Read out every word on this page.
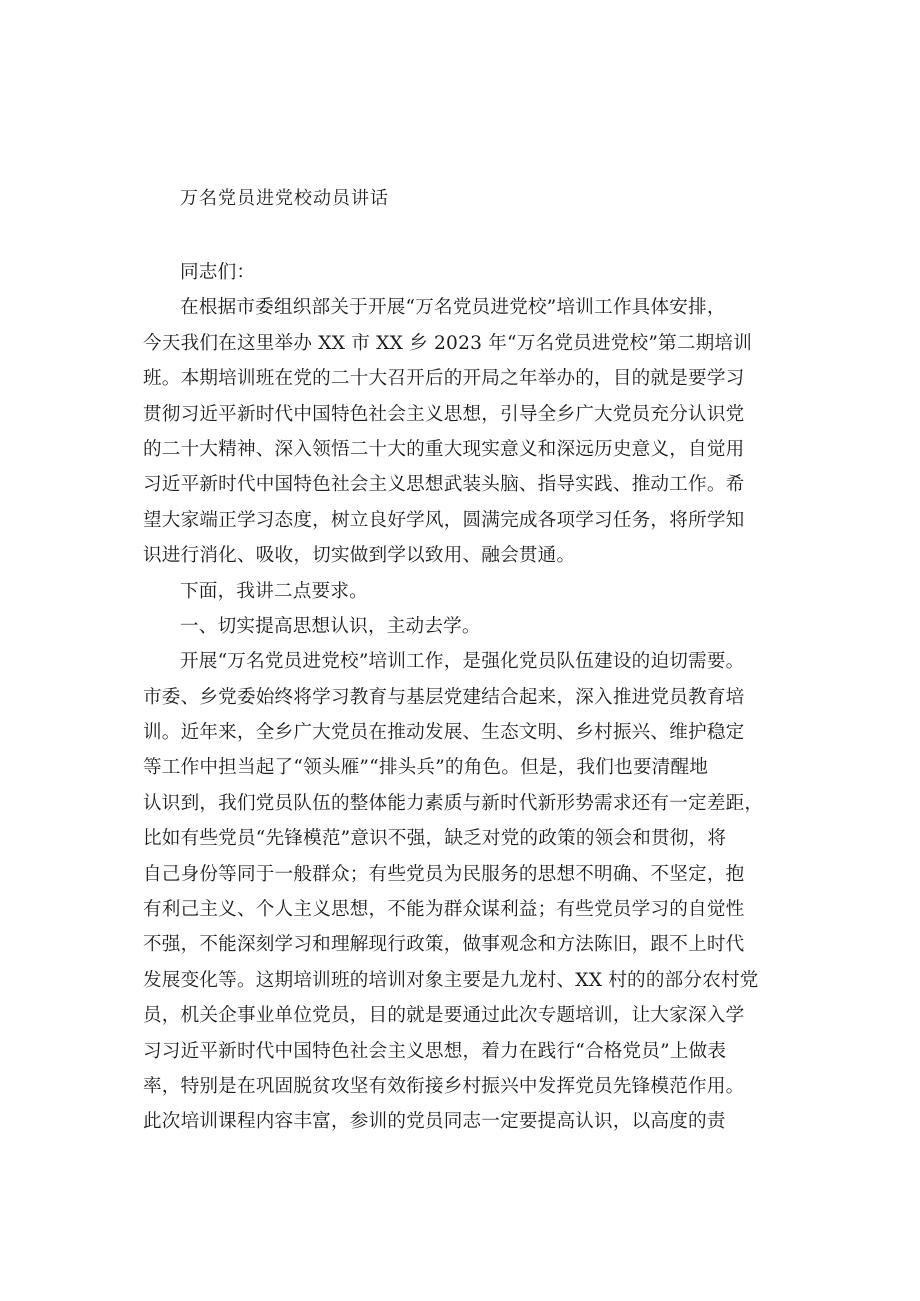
万名党员进党校动员讲话
同志们：
在根据市委组织部关于开展“万名党员进党校”培训工作具体安排，
今天我们在这里举办 XX 市 XX 乡 2023 年“万名党员进党校”第二期培训
班。本期培训班在党的二十大召开后的开局之年举办的，目的就是要学习
贯彻习近平新时代中国特色社会主义思想，引导全乡广大党员充分认识党
的二十大精神、深入领悟二十大的重大现实意义和深远历史意义，自觉用
习近平新时代中国特色社会主义思想武装头脑、指导实践、推动工作。希
望大家端正学习态度，树立良好学风，圆满完成各项学习任务，将所学知
识进行消化、吸收，切实做到学以致用、融会贯通。
下面，我讲二点要求。
一、切实提高思想认识，主动去学。
开展“万名党员进党校”培训工作，是强化党员队伍建设的迫切需要。
市委、乡党委始终将学习教育与基层党建结合起来，深入推进党员教育培
训。近年来，全乡广大党员在推动发展、生态文明、乡村振兴、维护稳定
等工作中担当起了“领头雁”“排头兵”的角色。但是，我们也要清醒地
认识到，我们党员队伍的整体能力素质与新时代新形势需求还有一定差距，
比如有些党员“先锋模范”意识不强，缺乏对党的政策的领会和贯彻，将
自己身份等同于一般群众；有些党员为民服务的思想不明确、不坚定，抱
有利己主义、个人主义思想，不能为群众谋利益；有些党员学习的自觉性
不强，不能深刻学习和理解现行政策，做事观念和方法陈旧，跟不上时代
发展变化等。这期培训班的培训对象主要是九龙村、XX 村的的部分农村党
员，机关企事业单位党员，目的就是要通过此次专题培训，让大家深入学
习习近平新时代中国特色社会主义思想，着力在践行“合格党员”上做表
率，特别是在巩固脱贫攻坚有效衔接乡村振兴中发挥党员先锋模范作用。
此次培训课程内容丰富，参训的党员同志一定要提高认识，以高度的责
